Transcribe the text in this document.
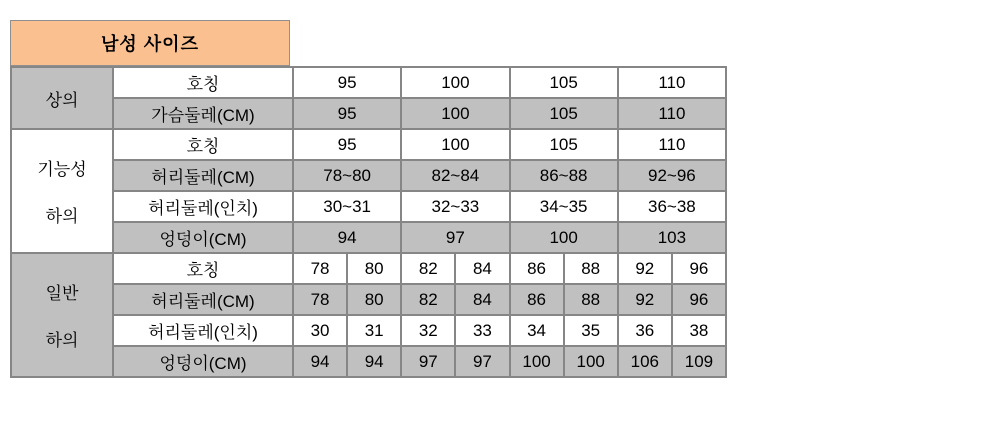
남성 사이즈
상의	호칭	95		100		105		110	
	가슴둘레(CM)	95		100		105		110	

기능성
하의	호칭	95		100		105		110	
	허리둘레(CM)	78~80		82~84		86~88		92~96	
	허리둘레(인치)	30~31		32~33		34~35		36~38	
	엉덩이(CM)	94		97		100		103	

일반
하의	호칭	78	80	82	84	86	88	92	96
	허리둘레(CM)	78	80	82	84	86	88	92	96
	허리둘레(인치)	30	31	32	33	34	35	36	38
	엉덩이(CM)	94	94	97	97	100	100	106	109
